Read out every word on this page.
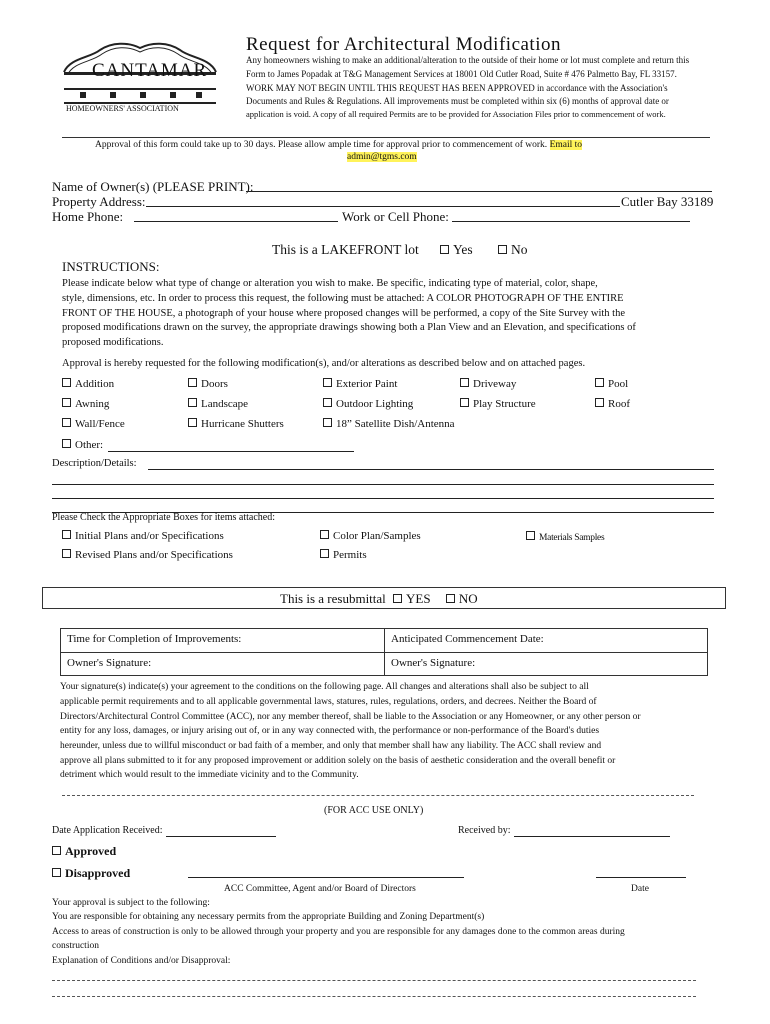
CANTAMAR
HOMEOWNERS' ASSOCIATION
Request for Architectural Modification
Any homeowners wishing to make an additional/alteration to the outside of their home or lot must complete and return this
Form to James Popadak at T&G Management Services at 18001 Old Cutler Road, Suite # 476 Palmetto Bay, FL 33157.
WORK MAY NOT BEGIN UNTIL THIS REQUEST HAS BEEN APPROVED in accordance with the Association's
Documents and Rules & Regulations. All improvements must be completed within six (6) months of approval date or
application is void. A copy of all required Permits are to be provided for Association Files prior to commencement of work.
Approval of this form could take up to 30 days. Please allow ample time for approval prior to commencement of work. Email to
admin@tgms.com
Name of Owner(s) (PLEASE PRINT):
Property Address:	Cutler Bay 33189
Home Phone:	Work or Cell Phone:
This is a LAKEFRONT lot	Yes	No
INSTRUCTIONS:
Please indicate below what type of change or alteration you wish to make. Be specific, indicating type of material, color, shape,
style, dimensions, etc. In order to process this request, the following must be attached: A COLOR PHOTOGRAPH OF THE ENTIRE
FRONT OF THE HOUSE, a photograph of your house where proposed changes will be performed, a copy of the Site Survey with the
proposed modifications drawn on the survey, the appropriate drawings showing both a Plan View and an Elevation, and specifications of
proposed modifications.
Approval is hereby requested for the following modification(s), and/or alterations as described below and on attached pages.
Addition	Doors	Exterior Paint	Driveway	Pool
Awning	Landscape	Outdoor Lighting	Play Structure	Roof
Wall/Fence	Hurricane Shutters	18” Satellite Dish/Antenna
Other:
Description/Details:
Please Check the Appropriate Boxes for items attached:
Initial Plans and/or Specifications	Color Plan/Samples	Materials Samples
Revised Plans and/or Specifications	Permits
This is a resubmittal YES NO
Time for Completion of Improvements:	Anticipated Commencement Date:
Owner's Signature:	Owner's Signature:
Your signature(s) indicate(s) your agreement to the conditions on the following page. All changes and alterations shall also be subject to all
applicable permit requirements and to all applicable governmental laws, statures, rules, regulations, orders, and decrees. Neither the Board of
Directors/Architectural Control Committee (ACC), nor any member thereof, shall be liable to the Association or any Homeowner, or any other person or
entity for any loss, damages, or injury arising out of, or in any way connected with, the performance or non-performance of the Board's duties
hereunder, unless due to willful misconduct or bad faith of a member, and only that member shall haw any liability. The ACC shall review and
approve all plans submitted to it for any proposed improvement or addition solely on the basis of aesthetic consideration and the overall benefit or
detriment which would result to the immediate vicinity and to the Community.
(FOR ACC USE ONLY)
Date Application Received:	Received by:
Approved
Disapproved
ACC Committee, Agent and/or Board of Directors	Date
Your approval is subject to the following:
You are responsible for obtaining any necessary permits from the appropriate Building and Zoning Department(s)
Access to areas of construction is only to be allowed through your property and you are responsible for any damages done to the common areas during
construction
Explanation of Conditions and/or Disapproval:
